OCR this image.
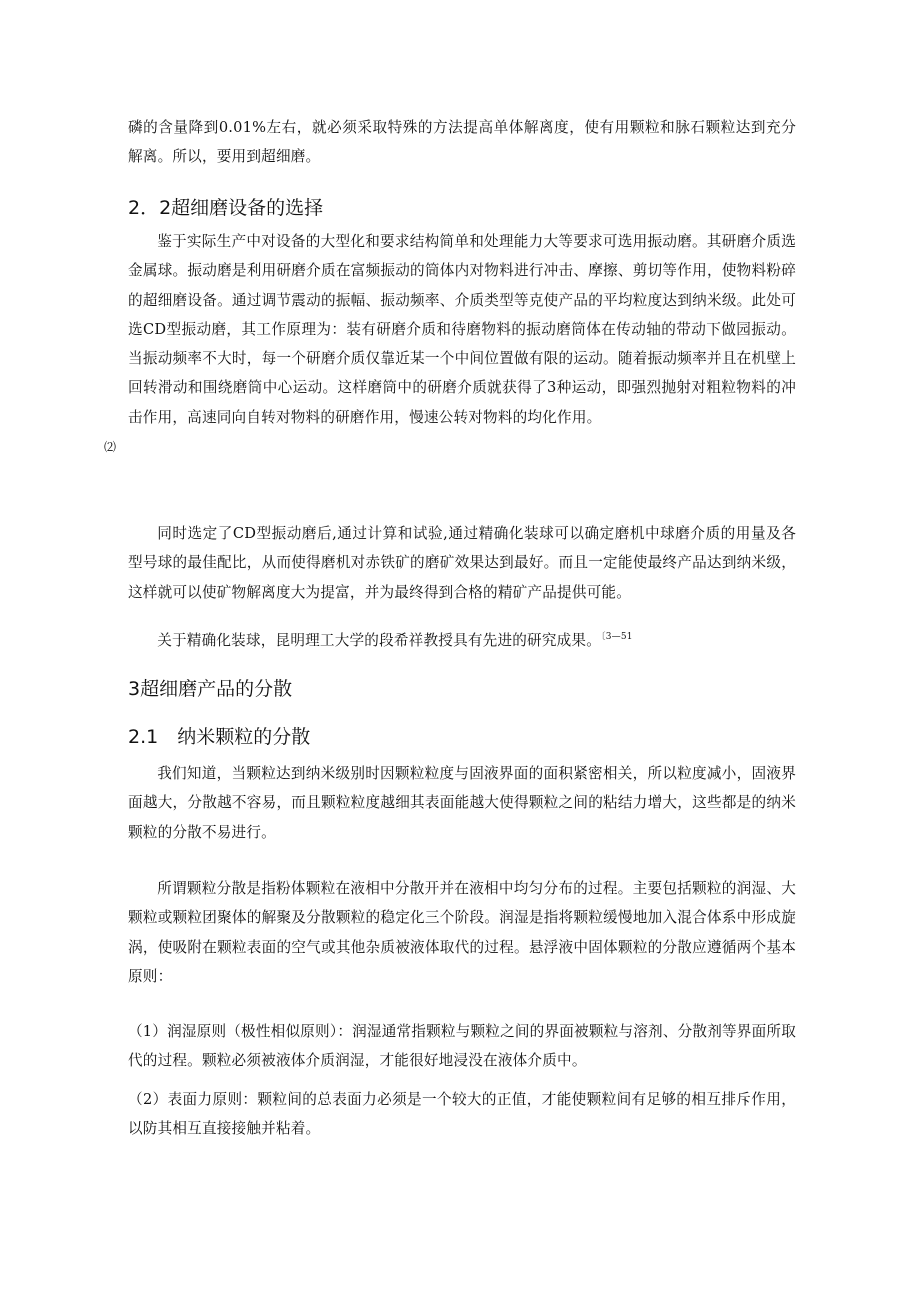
磷的含量降到0.01%左右，就必须采取特殊的方法提高单体解离度，使有用颗粒和脉石颗粒达到充分解离。所以，要用到超细磨。

2．2超细磨设备的选择
鉴于实际生产中对设备的大型化和要求结构简单和处理能力大等要求可选用振动磨。其研磨介质选金属球。振动磨是利用研磨介质在富频振动的筒体内对物料进行冲击、摩擦、剪切等作用，使物料粉碎的超细磨设备。通过调节震动的振幅、振动频率、介质类型等克使产品的平均粒度达到纳米级。此处可选CD型振动磨，其工作原理为：装有研磨介质和待磨物料的振动磨筒体在传动轴的带动下做园振动。当振动频率不大时，每一个研磨介质仅靠近某一个中间位置做有限的运动。随着振动频率并且在机壁上回转滑动和围绕磨筒中心运动。这样磨筒中的研磨介质就获得了3种运动，即强烈抛射对粗粒物料的冲击作用，高速同向自转对物料的研磨作用，慢速公转对物料的均化作用。
⑵

同时选定了CD型振动磨后,通过计算和试验,通过精确化装球可以确定磨机中球磨介质的用量及各型号球的最佳配比，从而使得磨机对赤铁矿的磨矿效果达到最好。而且一定能使最终产品达到纳米级，这样就可以使矿物解离度大为提富，并为最终得到合格的精矿产品提供可能。

关于精确化装球，昆明理工大学的段希祥教授具有先进的研究成果。$^{〔3—51}$
3超细磨产品的分散
2.1　纳米颗粒的分散

我们知道，当颗粒达到纳米级别时因颗粒粒度与固液界面的面积紧密相关，所以粒度减小，固液界面越大，分散越不容易，而且颗粒粒度越细其表面能越大使得颗粒之间的粘结力增大，这些都是的纳米颗粒的分散不易进行。

所谓颗粒分散是指粉体颗粒在液相中分散开并在液相中均匀分布的过程。主要包括颗粒的润湿、大颗粒或颗粒团聚体的解聚及分散颗粒的稳定化三个阶段。润湿是指将颗粒缓慢地加入混合体系中形成旋涡，使吸附在颗粒表面的空气或其他杂质被液体取代的过程。悬浮液中固体颗粒的分散应遵循两个基本原则：

（1）润湿原则（极性相似原则）：润湿通常指颗粒与颗粒之间的界面被颗粒与溶剂、分散剂等界面所取代的过程。颗粒必须被液体介质润湿，才能很好地浸没在液体介质中。

（2）表面力原则：颗粒间的总表面力必须是一个较大的正值，才能使颗粒间有足够的相互排斥作用，以防其相互直接接触并粘着。
